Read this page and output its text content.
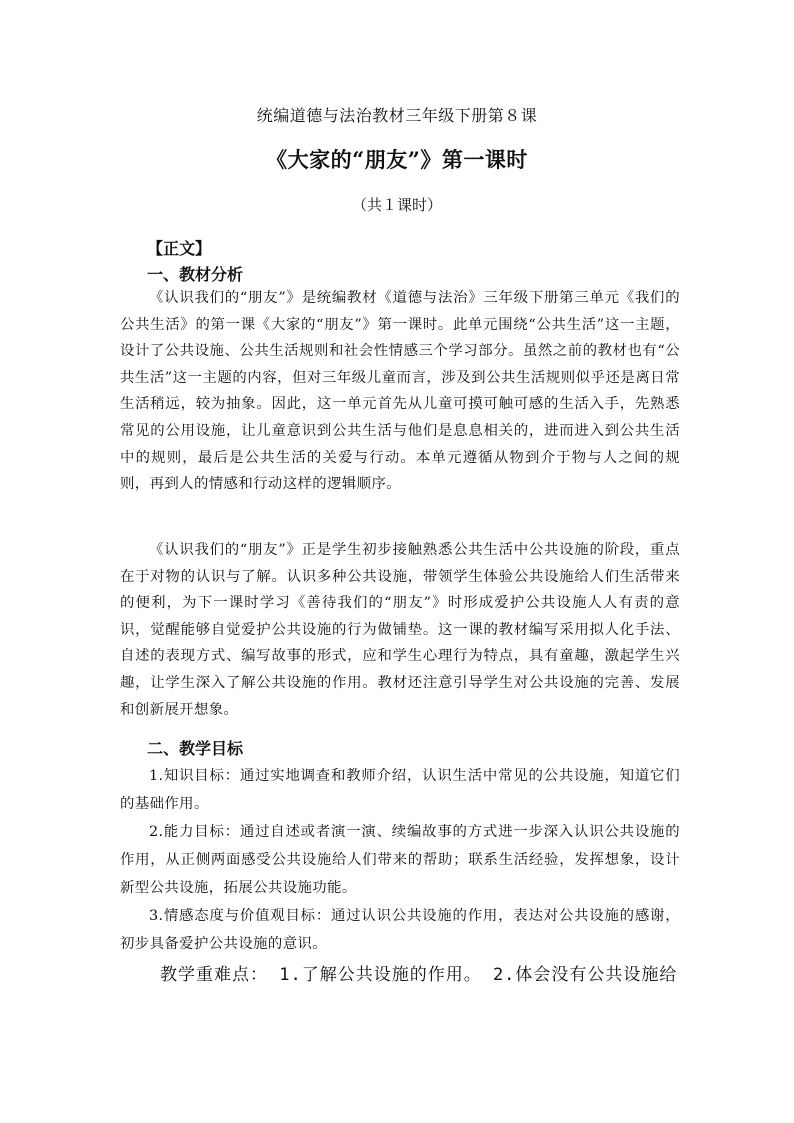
统编道德与法治教材三年级下册第８课
《大家的“朋友”》第一课时
（共１课时）
【正文】
一、教材分析

《认识我们的“朋友”》是统编教材《道德与法治》三年级下册第三单元《我们的公共生活》的第一课《大家的“朋友”》第一课时。此单元围绕“公共生活”这一主题，设计了公共设施、公共生活规则和社会性情感三个学习部分。虽然之前的教材也有“公共生活”这一主题的内容，但对三年级儿童而言，涉及到公共生活规则似乎还是离日常生活稍远，较为抽象。因此，这一单元首先从儿童可摸可触可感的生活入手，先熟悉常见的公用设施，让儿童意识到公共生活与他们是息息相关的，进而进入到公共生活中的规则，最后是公共生活的关爱与行动。本单元遵循从物到介于物与人之间的规则，再到人的情感和行动这样的逻辑顺序。

《认识我们的“朋友”》正是学生初步接触熟悉公共生活中公共设施的阶段，重点在于对物的认识与了解。认识多种公共设施，带领学生体验公共设施给人们生活带来的便利，为下一课时学习《善待我们的“朋友”》时形成爱护公共设施人人有责的意识，觉醒能够自觉爱护公共设施的行为做铺垫。这一课的教材编写采用拟人化手法、自述的表现方式、编写故事的形式，应和学生心理行为特点，具有童趣，激起学生兴趣，让学生深入了解公共设施的作用。教材还注意引导学生对公共设施的完善、发展和创新展开想象。

二、教学目标

1.知识目标：通过实地调查和教师介绍，认识生活中常见的公共设施，知道它们的基础作用。

2.能力目标：通过自述或者演一演、续编故事的方式进一步深入认识公共设施的作用，从正侧两面感受公共设施给人们带来的帮助；联系生活经验，发挥想象，设计新型公共设施，拓展公共设施功能。

3.情感态度与价值观目标：通过认识公共设施的作用，表达对公共设施的感谢，初步具备爱护公共设施的意识。

教学重难点： 1.了解公共设施的作用。 2.体会没有公共设施给
